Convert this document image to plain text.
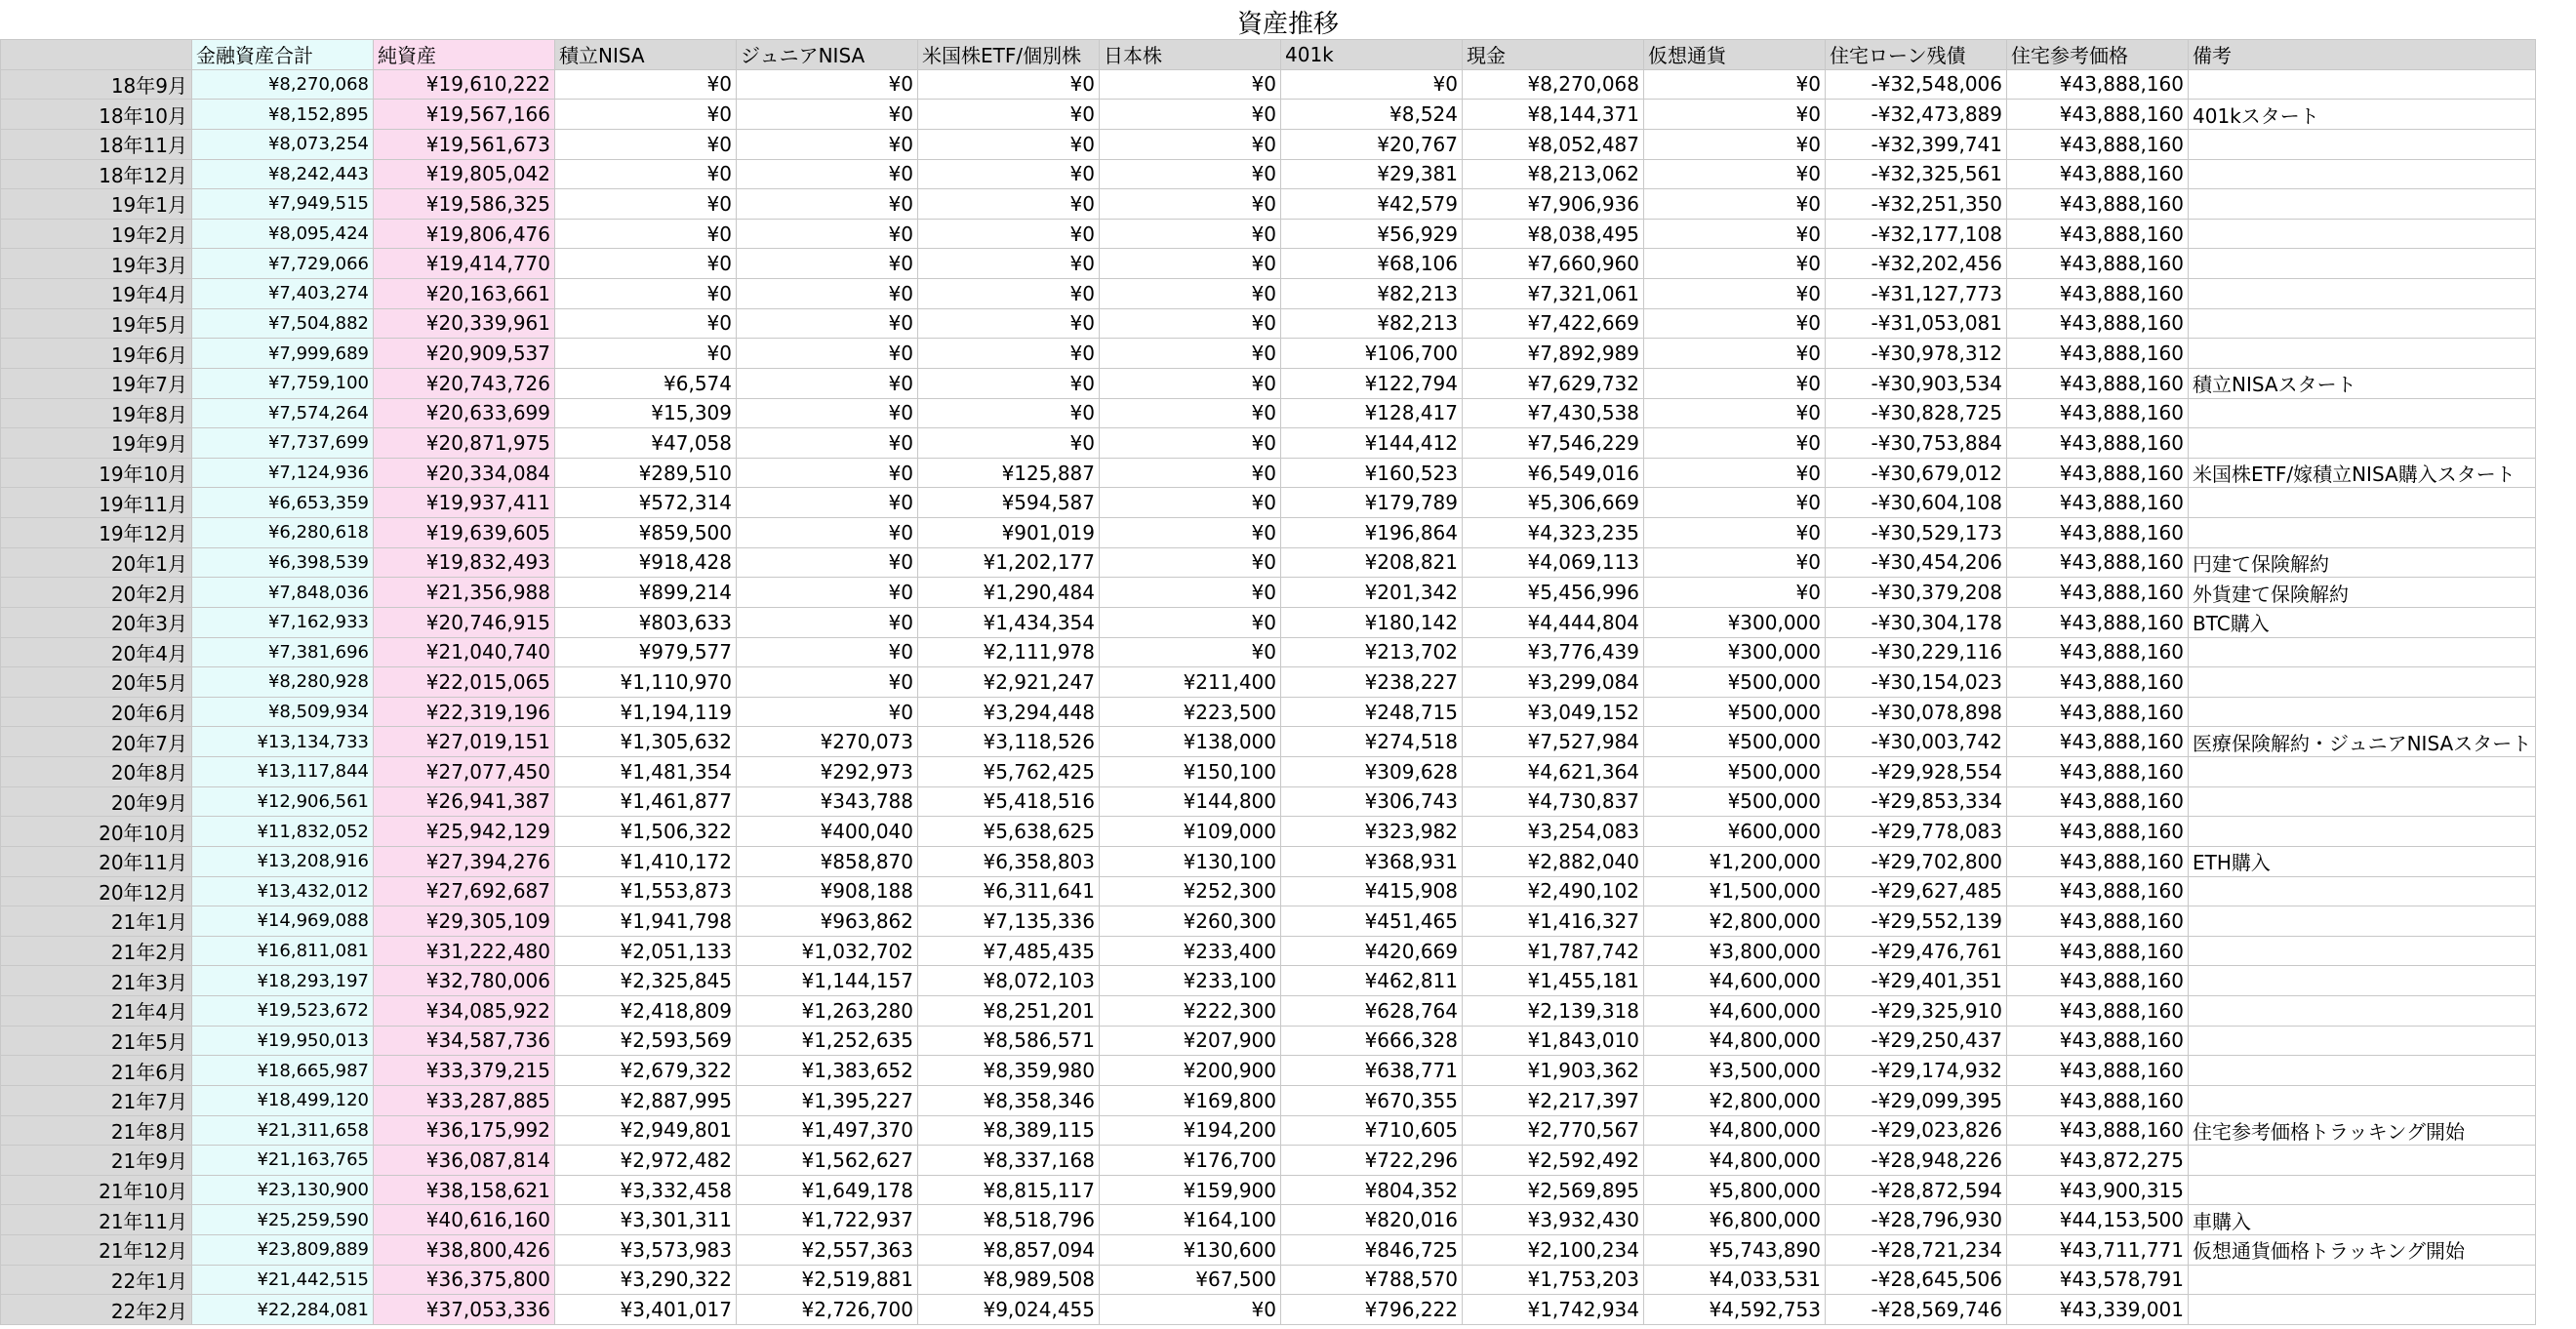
資産推移
	金融資産合計	純資産	積立NISA	ジュニアNISA	米国株ETF/個別株	日本株	401k	現金	仮想通貨	住宅ローン残債	住宅参考価格	備考
18年9月	¥8,270,068	¥19,610,222	¥0	¥0	¥0	¥0	¥0	¥8,270,068	¥0	-¥32,548,006	¥43,888,160	
18年10月	¥8,152,895	¥19,567,166	¥0	¥0	¥0	¥0	¥8,524	¥8,144,371	¥0	-¥32,473,889	¥43,888,160	401kスタート
18年11月	¥8,073,254	¥19,561,673	¥0	¥0	¥0	¥0	¥20,767	¥8,052,487	¥0	-¥32,399,741	¥43,888,160	
18年12月	¥8,242,443	¥19,805,042	¥0	¥0	¥0	¥0	¥29,381	¥8,213,062	¥0	-¥32,325,561	¥43,888,160	
19年1月	¥7,949,515	¥19,586,325	¥0	¥0	¥0	¥0	¥42,579	¥7,906,936	¥0	-¥32,251,350	¥43,888,160	
19年2月	¥8,095,424	¥19,806,476	¥0	¥0	¥0	¥0	¥56,929	¥8,038,495	¥0	-¥32,177,108	¥43,888,160	
19年3月	¥7,729,066	¥19,414,770	¥0	¥0	¥0	¥0	¥68,106	¥7,660,960	¥0	-¥32,202,456	¥43,888,160	
19年4月	¥7,403,274	¥20,163,661	¥0	¥0	¥0	¥0	¥82,213	¥7,321,061	¥0	-¥31,127,773	¥43,888,160	
19年5月	¥7,504,882	¥20,339,961	¥0	¥0	¥0	¥0	¥82,213	¥7,422,669	¥0	-¥31,053,081	¥43,888,160	
19年6月	¥7,999,689	¥20,909,537	¥0	¥0	¥0	¥0	¥106,700	¥7,892,989	¥0	-¥30,978,312	¥43,888,160	
19年7月	¥7,759,100	¥20,743,726	¥6,574	¥0	¥0	¥0	¥122,794	¥7,629,732	¥0	-¥30,903,534	¥43,888,160	積立NISAスタート
19年8月	¥7,574,264	¥20,633,699	¥15,309	¥0	¥0	¥0	¥128,417	¥7,430,538	¥0	-¥30,828,725	¥43,888,160	
19年9月	¥7,737,699	¥20,871,975	¥47,058	¥0	¥0	¥0	¥144,412	¥7,546,229	¥0	-¥30,753,884	¥43,888,160	
19年10月	¥7,124,936	¥20,334,084	¥289,510	¥0	¥125,887	¥0	¥160,523	¥6,549,016	¥0	-¥30,679,012	¥43,888,160	米国株ETF/嫁積立NISA購入スタート
19年11月	¥6,653,359	¥19,937,411	¥572,314	¥0	¥594,587	¥0	¥179,789	¥5,306,669	¥0	-¥30,604,108	¥43,888,160	
19年12月	¥6,280,618	¥19,639,605	¥859,500	¥0	¥901,019	¥0	¥196,864	¥4,323,235	¥0	-¥30,529,173	¥43,888,160	
20年1月	¥6,398,539	¥19,832,493	¥918,428	¥0	¥1,202,177	¥0	¥208,821	¥4,069,113	¥0	-¥30,454,206	¥43,888,160	円建て保険解約
20年2月	¥7,848,036	¥21,356,988	¥899,214	¥0	¥1,290,484	¥0	¥201,342	¥5,456,996	¥0	-¥30,379,208	¥43,888,160	外貨建て保険解約
20年3月	¥7,162,933	¥20,746,915	¥803,633	¥0	¥1,434,354	¥0	¥180,142	¥4,444,804	¥300,000	-¥30,304,178	¥43,888,160	BTC購入
20年4月	¥7,381,696	¥21,040,740	¥979,577	¥0	¥2,111,978	¥0	¥213,702	¥3,776,439	¥300,000	-¥30,229,116	¥43,888,160	
20年5月	¥8,280,928	¥22,015,065	¥1,110,970	¥0	¥2,921,247	¥211,400	¥238,227	¥3,299,084	¥500,000	-¥30,154,023	¥43,888,160	
20年6月	¥8,509,934	¥22,319,196	¥1,194,119	¥0	¥3,294,448	¥223,500	¥248,715	¥3,049,152	¥500,000	-¥30,078,898	¥43,888,160	
20年7月	¥13,134,733	¥27,019,151	¥1,305,632	¥270,073	¥3,118,526	¥138,000	¥274,518	¥7,527,984	¥500,000	-¥30,003,742	¥43,888,160	医療保険解約・ジュニアNISAスタート
20年8月	¥13,117,844	¥27,077,450	¥1,481,354	¥292,973	¥5,762,425	¥150,100	¥309,628	¥4,621,364	¥500,000	-¥29,928,554	¥43,888,160	
20年9月	¥12,906,561	¥26,941,387	¥1,461,877	¥343,788	¥5,418,516	¥144,800	¥306,743	¥4,730,837	¥500,000	-¥29,853,334	¥43,888,160	
20年10月	¥11,832,052	¥25,942,129	¥1,506,322	¥400,040	¥5,638,625	¥109,000	¥323,982	¥3,254,083	¥600,000	-¥29,778,083	¥43,888,160	
20年11月	¥13,208,916	¥27,394,276	¥1,410,172	¥858,870	¥6,358,803	¥130,100	¥368,931	¥2,882,040	¥1,200,000	-¥29,702,800	¥43,888,160	ETH購入
20年12月	¥13,432,012	¥27,692,687	¥1,553,873	¥908,188	¥6,311,641	¥252,300	¥415,908	¥2,490,102	¥1,500,000	-¥29,627,485	¥43,888,160	
21年1月	¥14,969,088	¥29,305,109	¥1,941,798	¥963,862	¥7,135,336	¥260,300	¥451,465	¥1,416,327	¥2,800,000	-¥29,552,139	¥43,888,160	
21年2月	¥16,811,081	¥31,222,480	¥2,051,133	¥1,032,702	¥7,485,435	¥233,400	¥420,669	¥1,787,742	¥3,800,000	-¥29,476,761	¥43,888,160	
21年3月	¥18,293,197	¥32,780,006	¥2,325,845	¥1,144,157	¥8,072,103	¥233,100	¥462,811	¥1,455,181	¥4,600,000	-¥29,401,351	¥43,888,160	
21年4月	¥19,523,672	¥34,085,922	¥2,418,809	¥1,263,280	¥8,251,201	¥222,300	¥628,764	¥2,139,318	¥4,600,000	-¥29,325,910	¥43,888,160	
21年5月	¥19,950,013	¥34,587,736	¥2,593,569	¥1,252,635	¥8,586,571	¥207,900	¥666,328	¥1,843,010	¥4,800,000	-¥29,250,437	¥43,888,160	
21年6月	¥18,665,987	¥33,379,215	¥2,679,322	¥1,383,652	¥8,359,980	¥200,900	¥638,771	¥1,903,362	¥3,500,000	-¥29,174,932	¥43,888,160	
21年7月	¥18,499,120	¥33,287,885	¥2,887,995	¥1,395,227	¥8,358,346	¥169,800	¥670,355	¥2,217,397	¥2,800,000	-¥29,099,395	¥43,888,160	
21年8月	¥21,311,658	¥36,175,992	¥2,949,801	¥1,497,370	¥8,389,115	¥194,200	¥710,605	¥2,770,567	¥4,800,000	-¥29,023,826	¥43,888,160	住宅参考価格トラッキング開始
21年9月	¥21,163,765	¥36,087,814	¥2,972,482	¥1,562,627	¥8,337,168	¥176,700	¥722,296	¥2,592,492	¥4,800,000	-¥28,948,226	¥43,872,275	
21年10月	¥23,130,900	¥38,158,621	¥3,332,458	¥1,649,178	¥8,815,117	¥159,900	¥804,352	¥2,569,895	¥5,800,000	-¥28,872,594	¥43,900,315	
21年11月	¥25,259,590	¥40,616,160	¥3,301,311	¥1,722,937	¥8,518,796	¥164,100	¥820,016	¥3,932,430	¥6,800,000	-¥28,796,930	¥44,153,500	車購入
21年12月	¥23,809,889	¥38,800,426	¥3,573,983	¥2,557,363	¥8,857,094	¥130,600	¥846,725	¥2,100,234	¥5,743,890	-¥28,721,234	¥43,711,771	仮想通貨価格トラッキング開始
22年1月	¥21,442,515	¥36,375,800	¥3,290,322	¥2,519,881	¥8,989,508	¥67,500	¥788,570	¥1,753,203	¥4,033,531	-¥28,645,506	¥43,578,791	
22年2月	¥22,284,081	¥37,053,336	¥3,401,017	¥2,726,700	¥9,024,455	¥0	¥796,222	¥1,742,934	¥4,592,753	-¥28,569,746	¥43,339,001	
